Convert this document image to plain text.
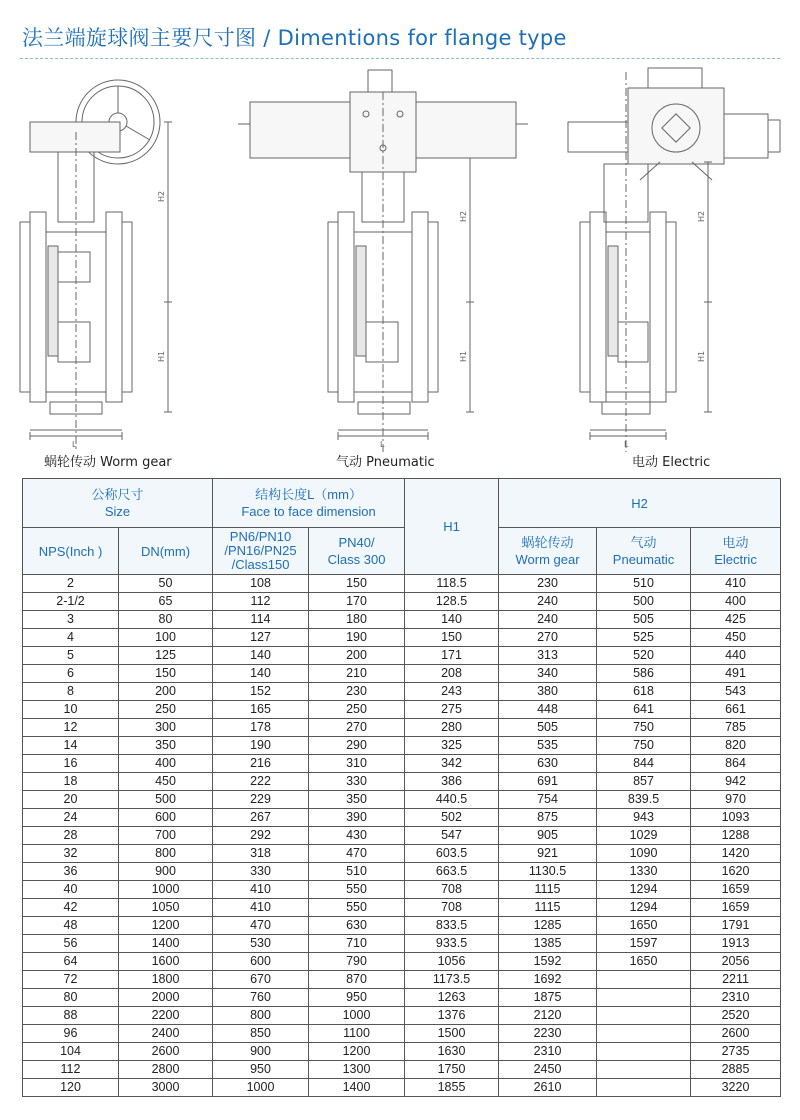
法兰端旋球阀主要尺寸图 / Dimentions for flange type
H2
H1
L
H2
H1
L
H2
H1
L
蜗轮传动 Worm gear	气动 Pneumatic	电动 Electric
公称尺寸
Size		结构长度L（mm）
Face to face dimension		H1	H2		
NPS(Inch )	DN(mm)	PN6/PN10
/PN16/PN25
/Class150	PN40/
Class 300		蜗轮传动
Worm gear	气动
Pneumatic	电动
Electric

2	50	108	150	118.5	230	510	410
2-1/2	65	112	170	128.5	240	500	400
3	80	114	180	140	240	505	425
4	100	127	190	150	270	525	450
5	125	140	200	171	313	520	440
6	150	140	210	208	340	586	491
8	200	152	230	243	380	618	543
10	250	165	250	275	448	641	661
12	300	178	270	280	505	750	785
14	350	190	290	325	535	750	820
16	400	216	310	342	630	844	864
18	450	222	330	386	691	857	942
20	500	229	350	440.5	754	839.5	970
24	600	267	390	502	875	943	1093
28	700	292	430	547	905	1029	1288
32	800	318	470	603.5	921	1090	1420
36	900	330	510	663.5	1130.5	1330	1620
40	1000	410	550	708	1115	1294	1659
42	1050	410	550	708	1115	1294	1659
48	1200	470	630	833.5	1285	1650	1791
56	1400	530	710	933.5	1385	1597	1913
64	1600	600	790	1056	1592	1650	2056
72	1800	670	870	1173.5	1692		2211
80	2000	760	950	1263	1875		2310
88	2200	800	1000	1376	2120		2520
96	2400	850	1100	1500	2230		2600
104	2600	900	1200	1630	2310		2735
112	2800	950	1300	1750	2450		2885
120	3000	1000	1400	1855	2610		3220
